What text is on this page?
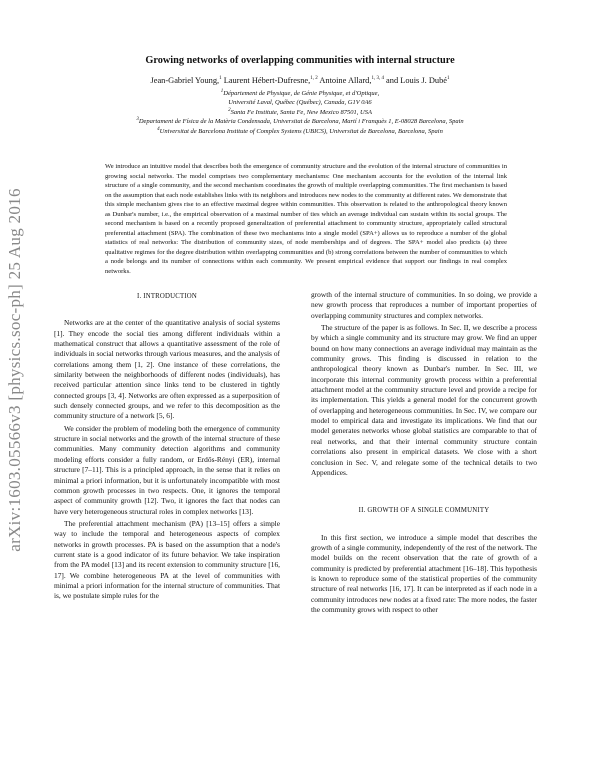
arXiv:1603.05566v3 [physics.soc-ph] 25 Aug 2016
Growing networks of overlapping communities with internal structure
Jean-Gabriel Young,$^1$ Laurent Hébert-Dufresne,$^{1, 2}$ Antoine Allard,$^{1, 3, 4}$ and Louis J. Dubé$^1$
$^1$Département de Physique, de Génie Physique, et d'Optique,
Université Laval, Québec (Québec), Canada, G1V 0A6
$^2$Santa Fe Institute, Santa Fe, New Mexico 87501, USA
$^3$Departament de Física de la Matèria Condensada, Universitat de Barcelona, Martí i Franquès 1, E-08028 Barcelona, Spain
$^4$Universitat de Barcelona Institute of Complex Systems (UBICS), Universitat de Barcelona, Barcelona, Spain
We introduce an intuitive model that describes both the emergence of community structure and the evolution of the internal structure of communities in growing social networks. The model comprises two complementary mechanisms: One mechanism accounts for the evolution of the internal link structure of a single community, and the second mechanism coordinates the growth of multiple overlapping communities. The first mechanism is based on the assumption that each node establishes links with its neighbors and introduces new nodes to the community at different rates. We demonstrate that this simple mechanism gives rise to an effective maximal degree within communities. This observation is related to the anthropological theory known as Dunbar's number, i.e., the empirical observation of a maximal number of ties which an average individual can sustain within its social groups. The second mechanism is based on a recently proposed generalization of preferential attachment to community structure, appropriately called structural preferential attachment (SPA). The combination of these two mechanisms into a single model (SPA+) allows us to reproduce a number of the global statistics of real networks: The distribution of community sizes, of node memberships and of degrees. The SPA+ model also predicts (a) three qualitative regimes for the degree distribution within overlapping communities and (b) strong correlations between the number of communities to which a node belongs and its number of connections within each community. We present empirical evidence that support our findings in real complex networks.
I. INTRODUCTION

Networks are at the center of the quantitative analysis of social systems [1]. They encode the social ties among different individuals within a mathematical construct that allows a quantitative assessment of the role of individuals in social networks through various measures, and the analysis of correlations among them [1, 2]. One instance of these correlations, the similarity between the neighborhoods of different nodes (individuals), has received particular attention since links tend to be clustered in tightly connected groups [3, 4]. Networks are often expressed as a superposition of such densely connected groups, and we refer to this decomposition as the community structure of a network [5, 6].

We consider the problem of modeling both the emergence of community structure in social networks and the growth of the internal structure of these communities. Many community detection algorithms and community modeling efforts consider a fully random, or Erdős-Rényi (ER), internal structure [7–11]. This is a principled approach, in the sense that it relies on minimal a priori information, but it is unfortunately incompatible with most common growth processes in two respects. One, it ignores the temporal aspect of community growth [12]. Two, it ignores the fact that nodes can have very heterogeneous structural roles in complex networks [13].

The preferential attachment mechanism (PA) [13–15] offers a simple way to include the temporal and heterogeneous aspects of complex networks in growth processes. PA is based on the assumption that a node's current state is a good indicator of its future behavior. We take inspiration from the PA model [13] and its recent extension to community structure [16, 17]. We combine heterogeneous PA at the level of communities with minimal a priori information for the internal structure of communities. That is, we postulate simple rules for the

growth of the internal structure of communities. In so doing, we provide a new growth process that reproduces a number of important properties of overlapping community structures and complex networks.

The structure of the paper is as follows. In Sec. II, we describe a process by which a single community and its structure may grow. We find an upper bound on how many connections an average individual may maintain as the community grows. This finding is discussed in relation to the anthropological theory known as Dunbar's number. In Sec. III, we incorporate this internal community growth process within a preferential attachment model at the community structure level and provide a recipe for its implementation. This yields a general model for the concurrent growth of overlapping and heterogeneous communities. In Sec. IV, we compare our model to empirical data and investigate its implications. We find that our model generates networks whose global statistics are comparable to that of real networks, and that their internal community structure contain correlations also present in empirical datasets. We close with a short conclusion in Sec. V, and relegate some of the technical details to two Appendices.

II. GROWTH OF A SINGLE COMMUNITY

In this first section, we introduce a simple model that describes the growth of a single community, independently of the rest of the network. The model builds on the recent observation that the rate of growth of a community is predicted by preferential attachment [16–18]. This hypothesis is known to reproduce some of the statistical properties of the community structure of real networks [16, 17]. It can be interpreted as if each node in a community introduces new nodes at a fixed rate: The more nodes, the faster the community grows with respect to other
